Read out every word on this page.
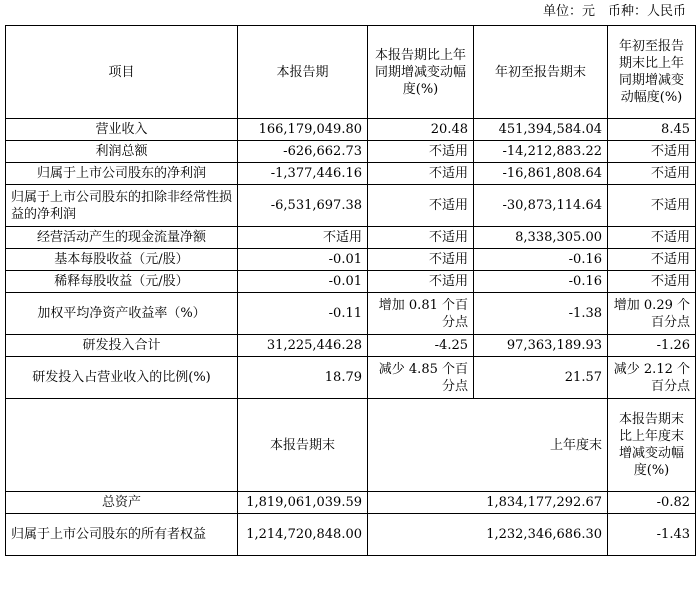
单位：元　币种：人民币
项目	本报告期	本报告期比上年同期增减变动幅度(%)	年初至报告期末	年初至报告期末比上年同期增减变动幅度(%)
营业收入	166,179,049.80	20.48	451,394,584.04	8.45
利润总额	-626,662.73	不适用	-14,212,883.22	不适用
归属于上市公司股东的净利润	-1,377,446.16	不适用	-16,861,808.64	不适用
归属于上市公司股东的扣除非经常性损益的净利润	-6,531,697.38	不适用	-30,873,114.64	不适用
经营活动产生的现金流量净额	不适用	不适用	8,338,305.00	不适用
基本每股收益（元/股）	-0.01	不适用	-0.16	不适用
稀释每股收益（元/股）	-0.01	不适用	-0.16	不适用
加权平均净资产收益率（%）	-0.11	增加 0.81 个百分点	-1.38	增加 0.29 个百分点
研发投入合计	31,225,446.28	-4.25	97,363,189.93	-1.26
研发投入占营业收入的比例(%)	18.79	减少 4.85 个百分点	21.57	减少 2.12 个百分点
	本报告期末	上年度末		本报告期末比上年度末增减变动幅度(%)
总资产	1,819,061,039.59	1,834,177,292.67		-0.82
归属于上市公司股东的所有者权益	1,214,720,848.00	1,232,346,686.30		-1.43
